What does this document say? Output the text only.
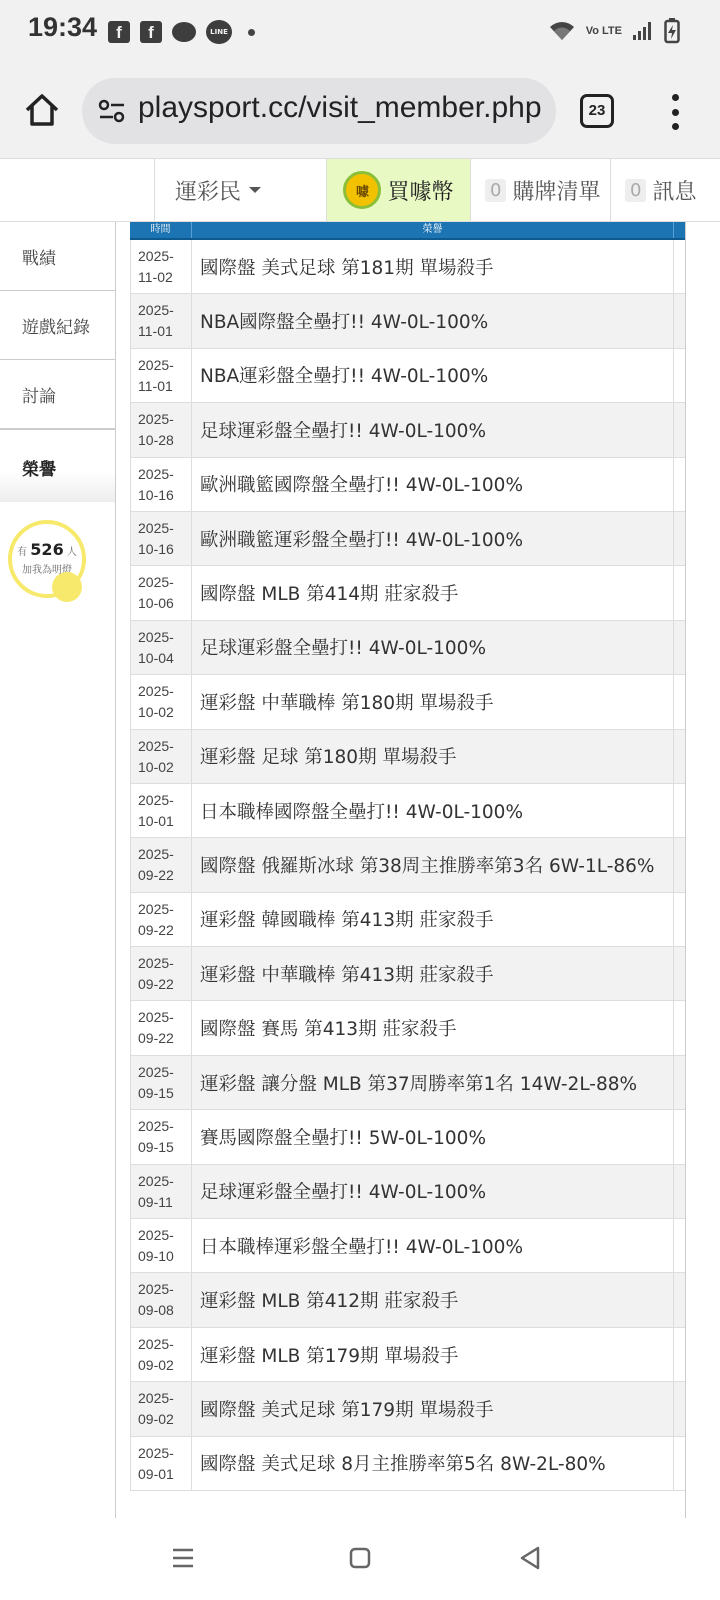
19:34	f	f	LINE	Vo LTE
playsport.cc/visit_member.php	23
運彩民	噱 買噱幣 0 購牌清單 0 訊息
戰績
遊戲紀錄
討論
榮譽
有 526 人
加我為明燈
時間	榮譽
2025-
11-02	國際盤 美式足球 第181期 單場殺手
2025-
11-01	NBA國際盤全壘打!! 4W-0L-100%
2025-
11-01	NBA運彩盤全壘打!! 4W-0L-100%
2025-
10-28	足球運彩盤全壘打!! 4W-0L-100%
2025-
10-16	歐洲職籃國際盤全壘打!! 4W-0L-100%
2025-
10-16	歐洲職籃運彩盤全壘打!! 4W-0L-100%
2025-
10-06	國際盤 MLB 第414期 莊家殺手
2025-
10-04	足球運彩盤全壘打!! 4W-0L-100%
2025-
10-02	運彩盤 中華職棒 第180期 單場殺手
2025-
10-02	運彩盤 足球 第180期 單場殺手
2025-
10-01	日本職棒國際盤全壘打!! 4W-0L-100%
2025-
09-22	國際盤 俄羅斯冰球 第38周主推勝率第3名 6W-1L-86%
2025-
09-22	運彩盤 韓國職棒 第413期 莊家殺手
2025-
09-22	運彩盤 中華職棒 第413期 莊家殺手
2025-
09-22	國際盤 賽馬 第413期 莊家殺手
2025-
09-15	運彩盤 讓分盤 MLB 第37周勝率第1名 14W-2L-88%
2025-
09-15	賽馬國際盤全壘打!! 5W-0L-100%
2025-
09-11	足球運彩盤全壘打!! 4W-0L-100%
2025-
09-10	日本職棒運彩盤全壘打!! 4W-0L-100%
2025-
09-08	運彩盤 MLB 第412期 莊家殺手
2025-
09-02	運彩盤 MLB 第179期 單場殺手
2025-
09-02	國際盤 美式足球 第179期 單場殺手
2025-
09-01	國際盤 美式足球 8月主推勝率第5名 8W-2L-80%
